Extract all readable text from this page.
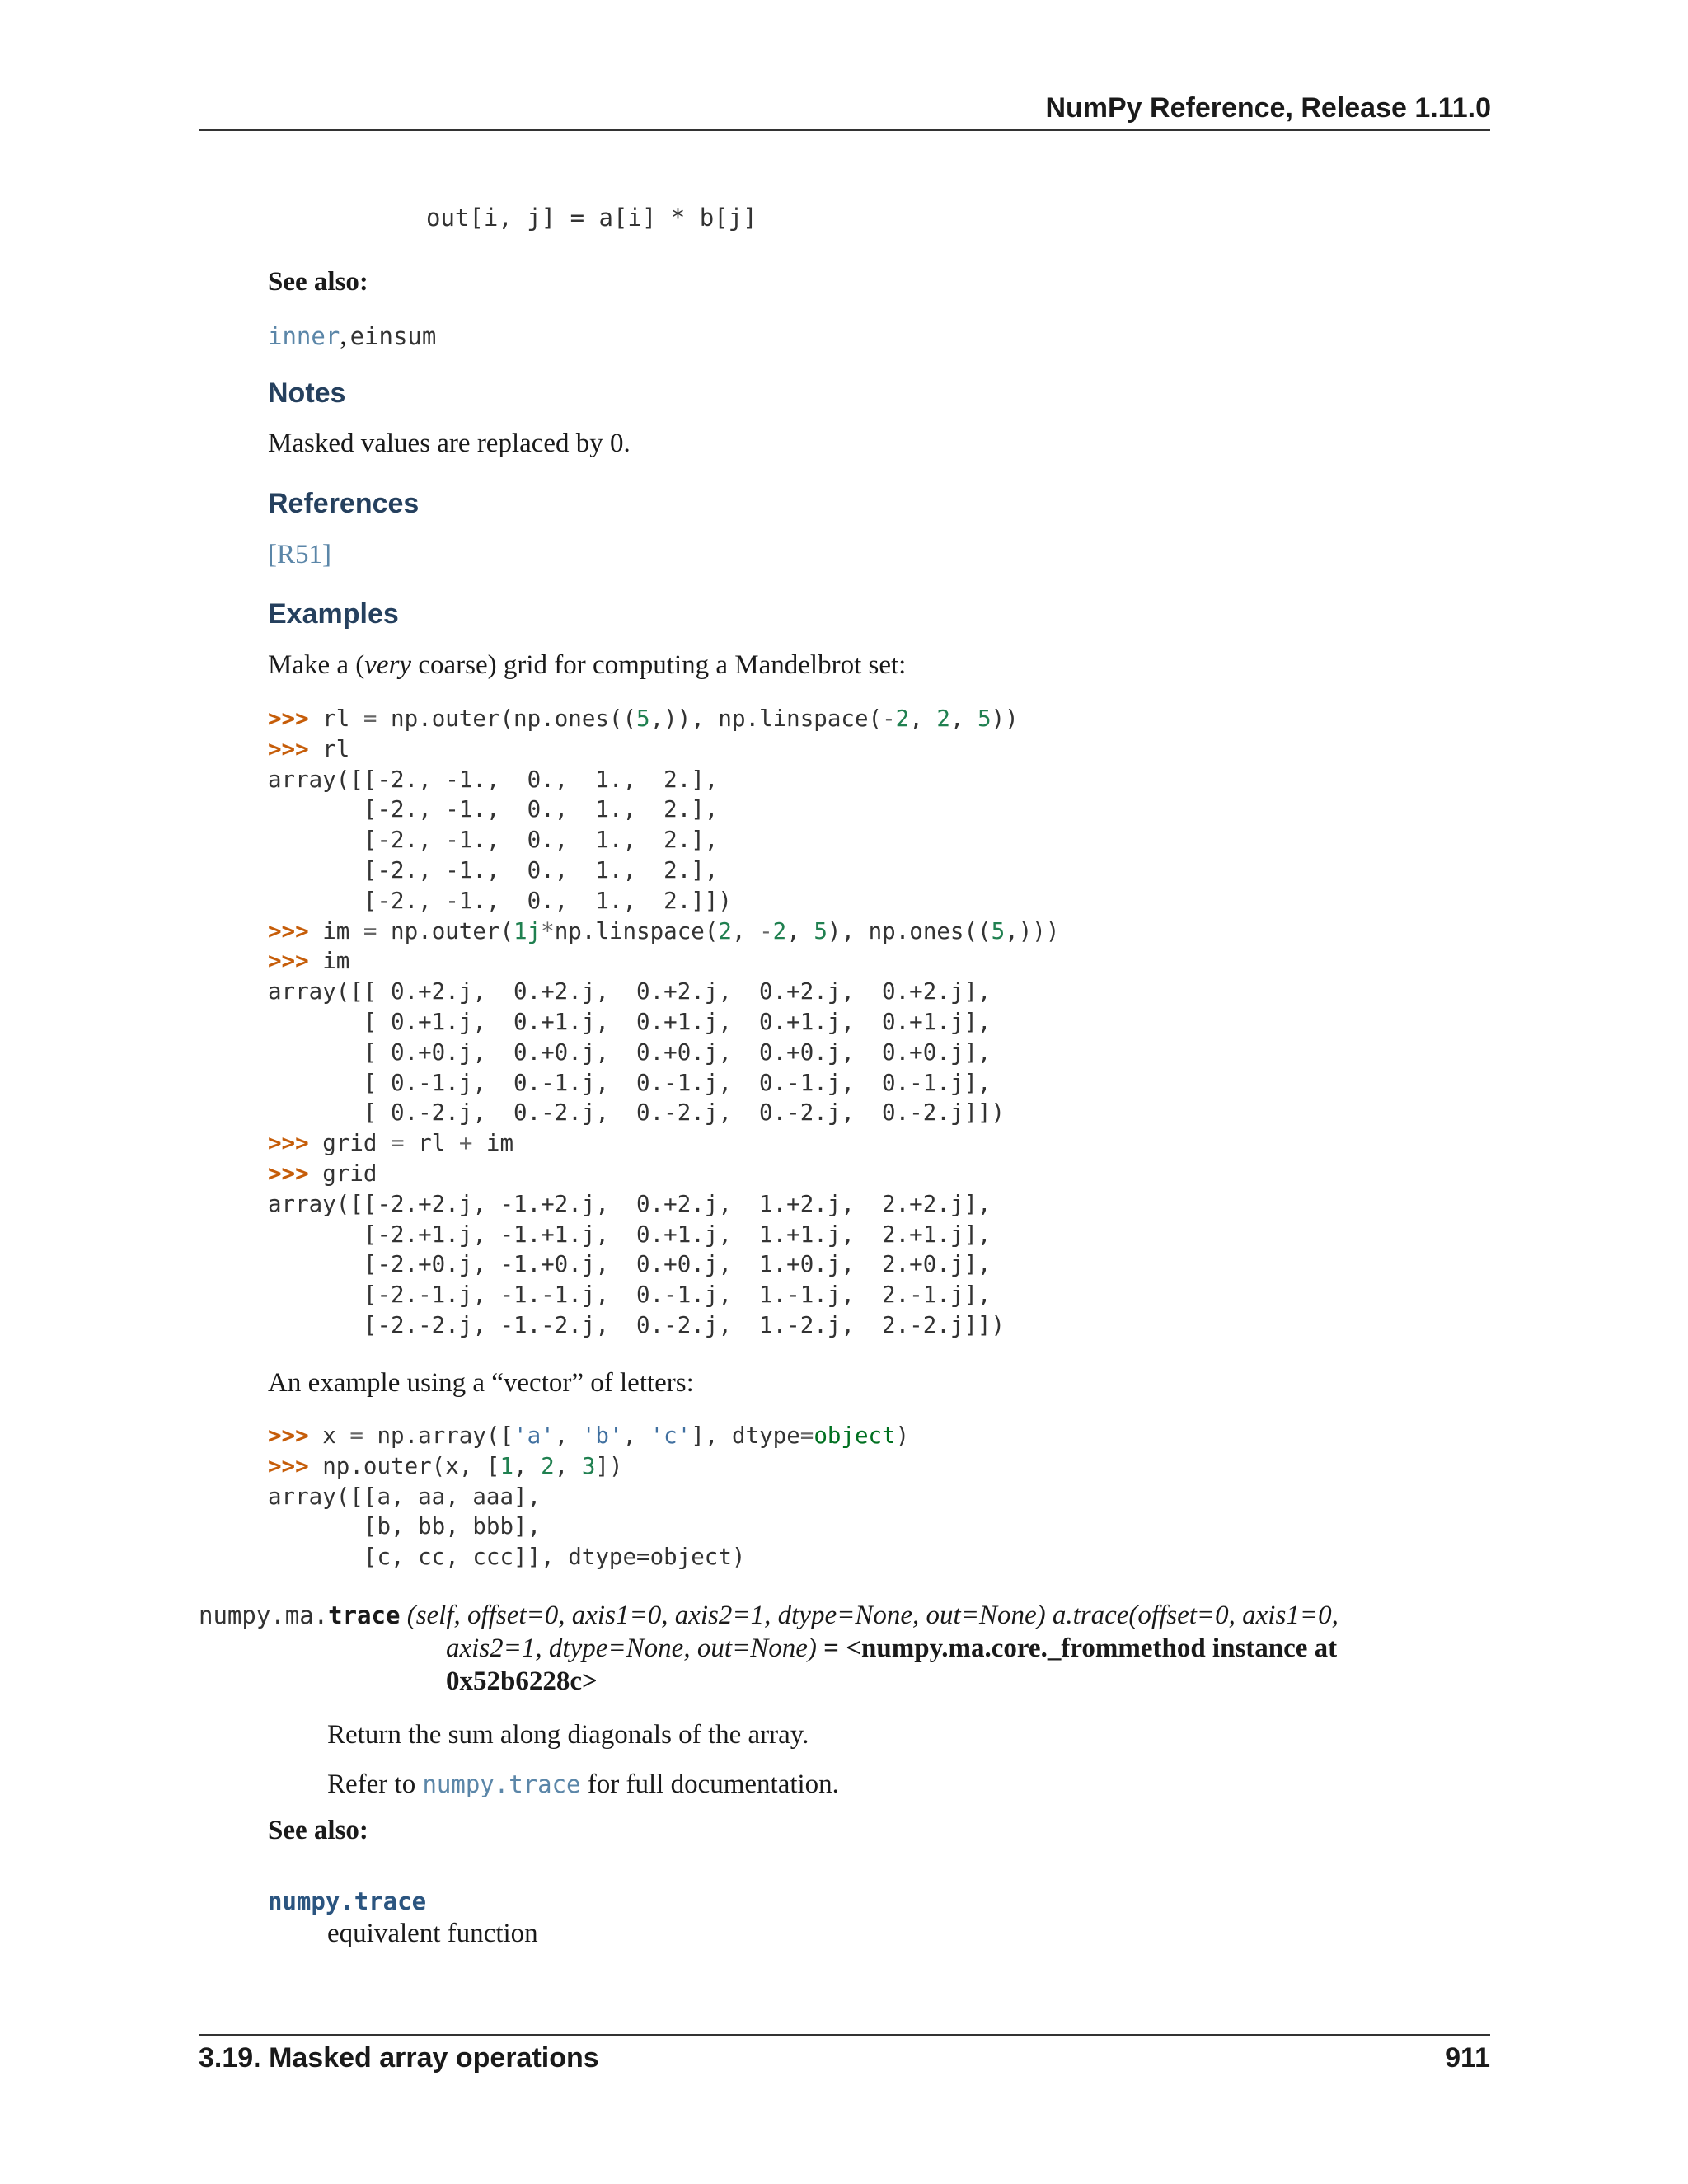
NumPy Reference, Release 1.11.0
out[i, j] = a[i] * b[j]
See also:
inner, einsum
Notes
Masked values are replaced by 0.
References
[R51]
Examples
Make a (very coarse) grid for computing a Mandelbrot set:
>>> rl = np.outer(np.ones((5,)), np.linspace(-2, 2, 5))
>>> rl
array([[-2., -1.,  0.,  1.,  2.],
[-2., -1.,  0.,  1.,  2.],
[-2., -1.,  0.,  1.,  2.],
[-2., -1.,  0.,  1.,  2.],
[-2., -1.,  0.,  1.,  2.]])
>>> im = np.outer(1j*np.linspace(2, -2, 5), np.ones((5,)))
>>> im
array([[ 0.+2.j,  0.+2.j,  0.+2.j,  0.+2.j,  0.+2.j],
[ 0.+1.j,  0.+1.j,  0.+1.j,  0.+1.j,  0.+1.j],
[ 0.+0.j,  0.+0.j,  0.+0.j,  0.+0.j,  0.+0.j],
[ 0.-1.j,  0.-1.j,  0.-1.j,  0.-1.j,  0.-1.j],
[ 0.-2.j,  0.-2.j,  0.-2.j,  0.-2.j,  0.-2.j]])
>>> grid = rl + im
>>> grid
array([[-2.+2.j, -1.+2.j,  0.+2.j,  1.+2.j,  2.+2.j],
[-2.+1.j, -1.+1.j,  0.+1.j,  1.+1.j,  2.+1.j],
[-2.+0.j, -1.+0.j,  0.+0.j,  1.+0.j,  2.+0.j],
[-2.-1.j, -1.-1.j,  0.-1.j,  1.-1.j,  2.-1.j],
[-2.-2.j, -1.-2.j,  0.-2.j,  1.-2.j,  2.-2.j]])
An example using a “vector” of letters:
>>> x = np.array(['a', 'b', 'c'], dtype=object)
>>> np.outer(x, [1, 2, 3])
array([[a, aa, aaa],
[b, bb, bbb],
[c, cc, ccc]], dtype=object)
numpy.ma.trace (self, offset=0, axis1=0, axis2=1, dtype=None, out=None) a.trace(offset=0, axis1=0,
axis2=1, dtype=None, out=None) = <numpy.ma.core._frommethod instance at
0x52b6228c>
Return the sum along diagonals of the array.
Refer to numpy.trace for full documentation.
See also:
numpy.trace
equivalent function
3.19. Masked array operations	911
